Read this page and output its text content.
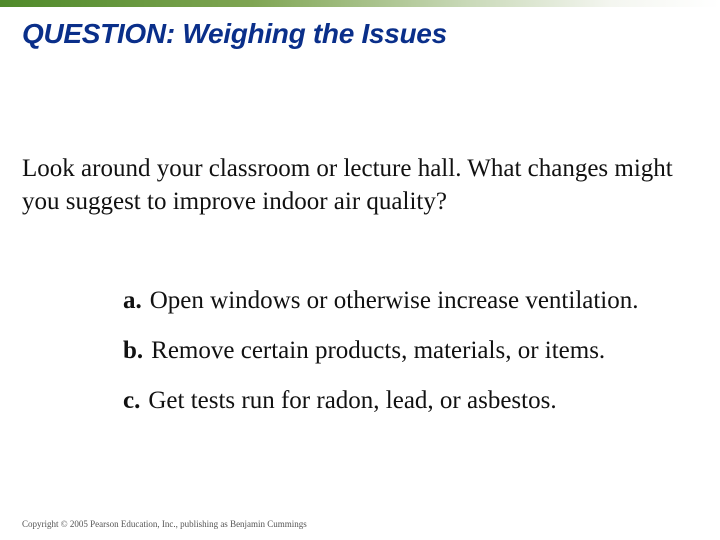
QUESTION: Weighing the Issues

Look around your classroom or lecture hall. What changes might you suggest to improve indoor air quality?

a. Open windows or otherwise increase ventilation.
b. Remove certain products, materials, or items.
c. Get tests run for radon, lead, or asbestos.
Copyright © 2005 Pearson Education, Inc., publishing as Benjamin Cummings
